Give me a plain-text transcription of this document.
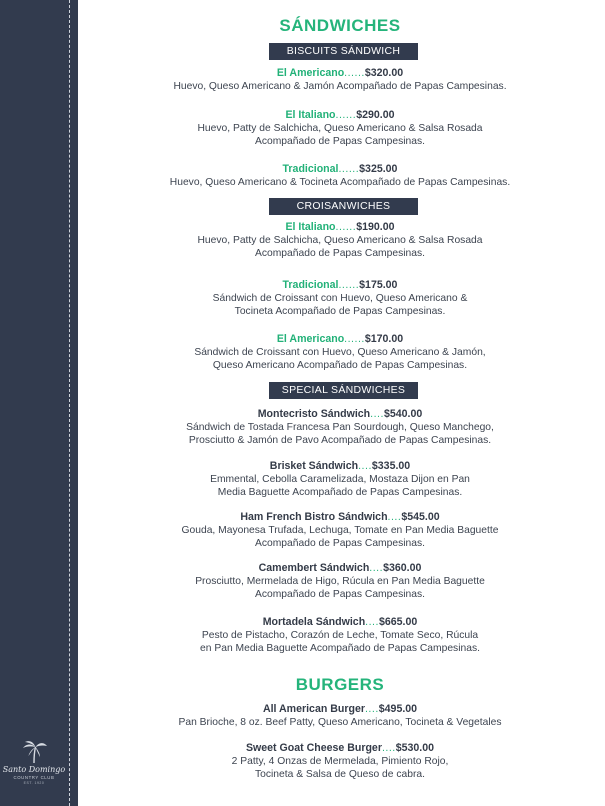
Santo Domingo
COUNTRY CLUB
EST. 1920
SÁNDWICHES
BISCUITS SÁNDWICH
El Americano......$320.00
Huevo, Queso Americano & Jamón Acompañado de Papas Campesinas.
El Italiano......$290.00
Huevo, Patty de Salchicha, Queso Americano & Salsa Rosada
Acompañado de Papas Campesinas.
Tradicional......$325.00
Huevo, Queso Americano & Tocineta Acompañado de Papas Campesinas.
CROISANWICHES
El Italiano......$190.00
Huevo, Patty de Salchicha, Queso Americano & Salsa Rosada
Acompañado de Papas Campesinas.
Tradicional......$175.00
Sándwich de Croissant con Huevo, Queso Americano &
Tocineta Acompañado de Papas Campesinas.
El Americano......$170.00
Sándwich de Croissant con Huevo, Queso Americano & Jamón,
Queso Americano Acompañado de Papas Campesinas.
SPECIAL SÁNDWICHES
Montecristo Sándwich....$540.00
Sándwich de Tostada Francesa Pan Sourdough, Queso Manchego,
Prosciutto & Jamón de Pavo Acompañado de Papas Campesinas.
Brisket Sándwich....$335.00
Emmental, Cebolla Caramelizada, Mostaza Dijon en Pan
Media Baguette Acompañado de Papas Campesinas.
Ham French Bistro Sándwich....$545.00
Gouda, Mayonesa Trufada, Lechuga, Tomate en Pan Media Baguette
Acompañado de Papas Campesinas.
Camembert Sándwich....$360.00
Prosciutto, Mermelada de Higo, Rúcula en Pan Media Baguette
Acompañado de Papas Campesinas.
Mortadela Sándwich....$665.00
Pesto de Pistacho, Corazón de Leche, Tomate Seco, Rúcula
en Pan Media Baguette Acompañado de Papas Campesinas.
BURGERS
All American Burger....$495.00
Pan Brioche, 8 oz. Beef Patty, Queso Americano, Tocineta & Vegetales
Sweet Goat Cheese Burger....$530.00
2 Patty, 4 Onzas de Mermelada, Pimiento Rojo,
Tocineta & Salsa de Queso de cabra.
